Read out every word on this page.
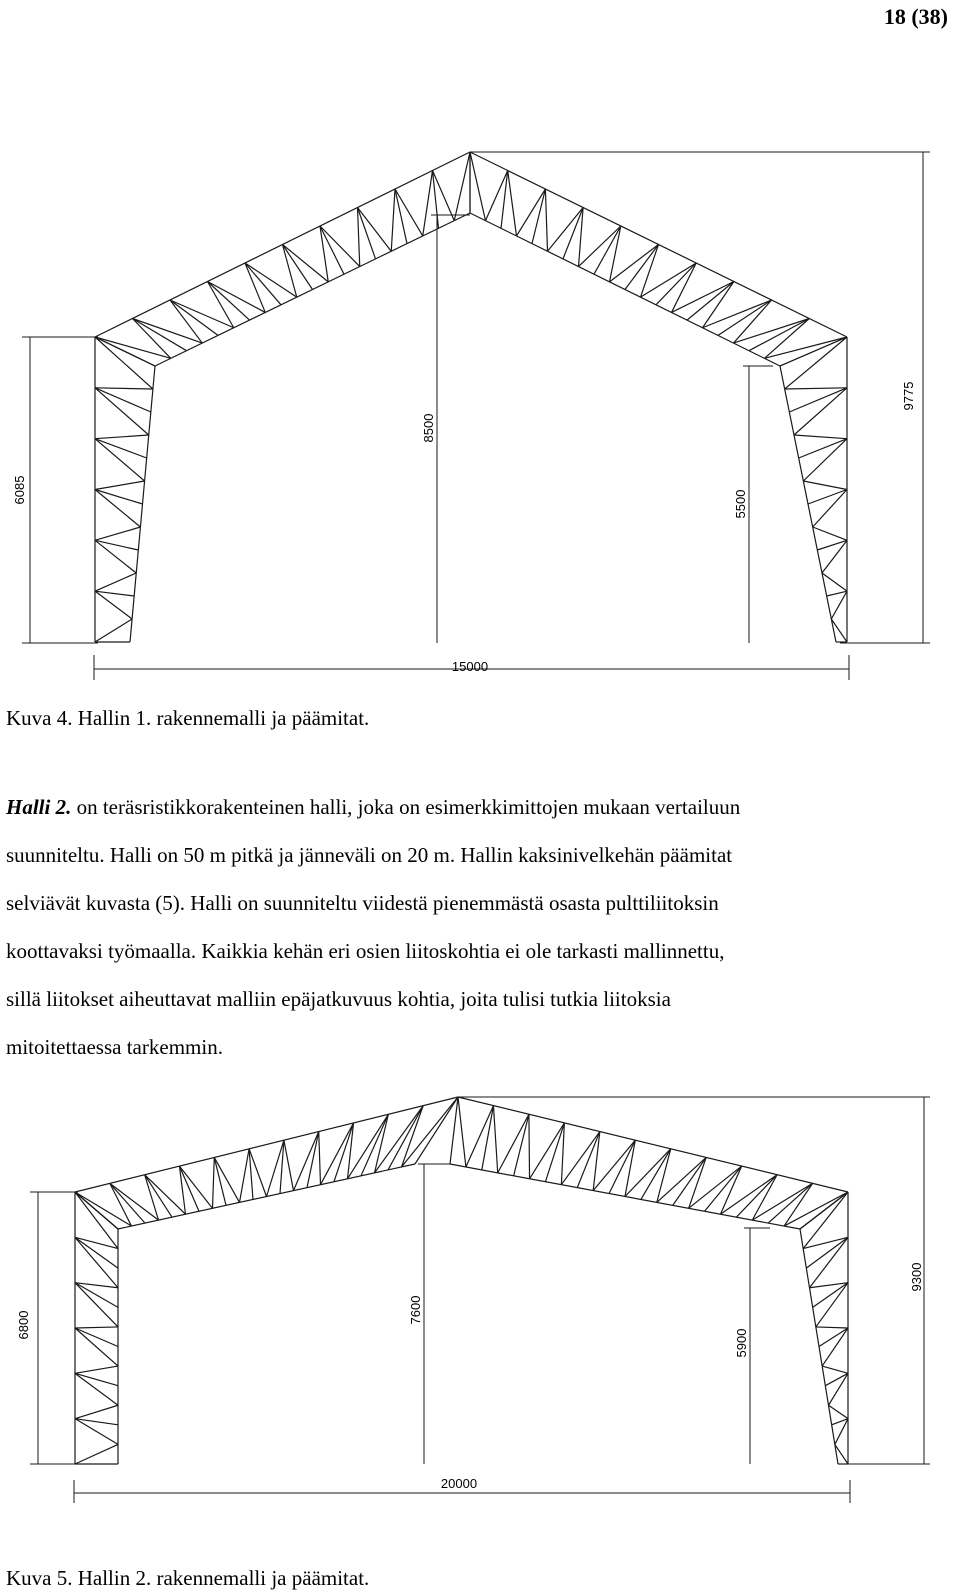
18 (38)
15000
6085
8500
5500
9775
Kuva 4. Hallin 1. rakennemalli ja päämitat.
Halli 2. on teräsristikkorakenteinen halli, joka on esimerkkimittojen mukaan vertailuun
suunniteltu. Halli on 50 m pitkä ja jänneväli on 20 m. Hallin kaksinivelkehän päämitat
selviävät kuvasta (5). Halli on suunniteltu viidestä pienemmästä osasta pulttiliitoksin
koottavaksi työmaalla. Kaikkia kehän eri osien liitoskohtia ei ole tarkasti mallinnettu,
sillä liitokset aiheuttavat malliin epäjatkuvuus kohtia, joita tulisi tutkia liitoksia
mitoitettaessa tarkemmin.
20000
6800
7600
5900
9300
Kuva 5. Hallin 2. rakennemalli ja päämitat.
